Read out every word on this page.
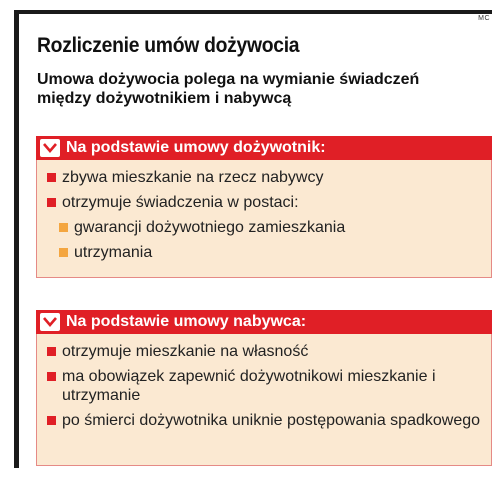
MC
Rozliczenie umów dożywocia
Umowa dożywocia polega na wymianie świadczeń między dożywotnikiem i nabywcą
Na podstawie umowy dożywotnik:
zbywa mieszkanie na rzecz nabywcy
otrzymuje świadczenia w postaci:
gwarancji dożywotniego zamieszkania
utrzymania
Na podstawie umowy nabywca:
otrzymuje mieszkanie na własność
ma obowiązek zapewnić dożywotnikowi mieszkanie i utrzymanie
po śmierci dożywotnika uniknie postępowania spadkowego
